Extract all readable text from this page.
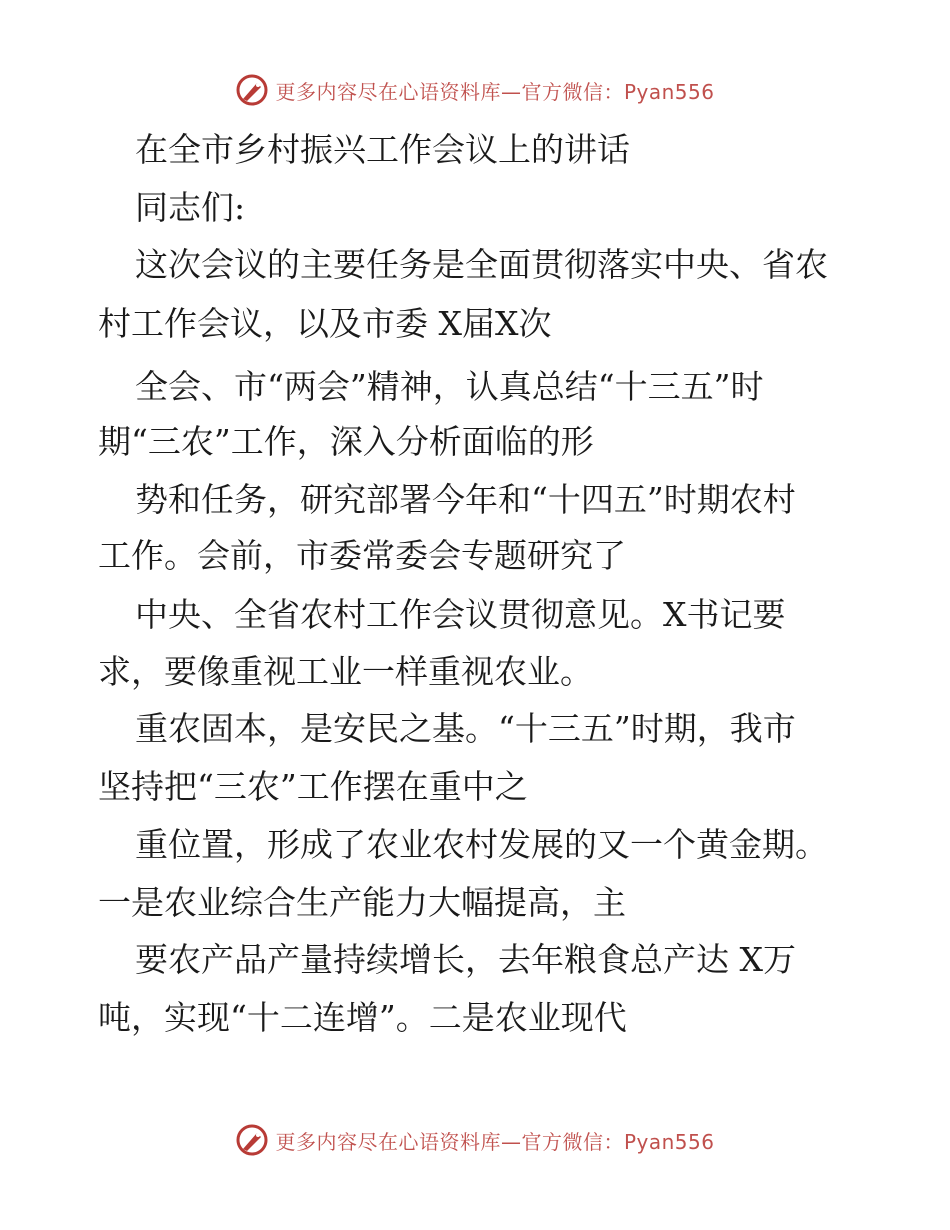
更多内容尽在心语资料库—官方微信：Pyan556
在全市乡村振兴工作会议上的讲话
同志们:
这次会议的主要任务是全面贯彻落实中央、省农
村工作会议，以及市委 X届X次
全会、市“两会”精神，认真总结“十三五”时
期“三农”工作，深入分析面临的形
势和任务，研究部署今年和“十四五”时期农村
工作。会前，市委常委会专题研究了
中央、全省农村工作会议贯彻意见。X书记要
求，要像重视工业一样重视农业。
重农固本，是安民之基。“十三五”时期，我市
坚持把“三农”工作摆在重中之
重位置，形成了农业农村发展的又一个黄金期。
一是农业综合生产能力大幅提高，主
要农产品产量持续增长，去年粮食总产达 X万
吨，实现“十二连增”。二是农业现代
更多内容尽在心语资料库—官方微信：Pyan556
